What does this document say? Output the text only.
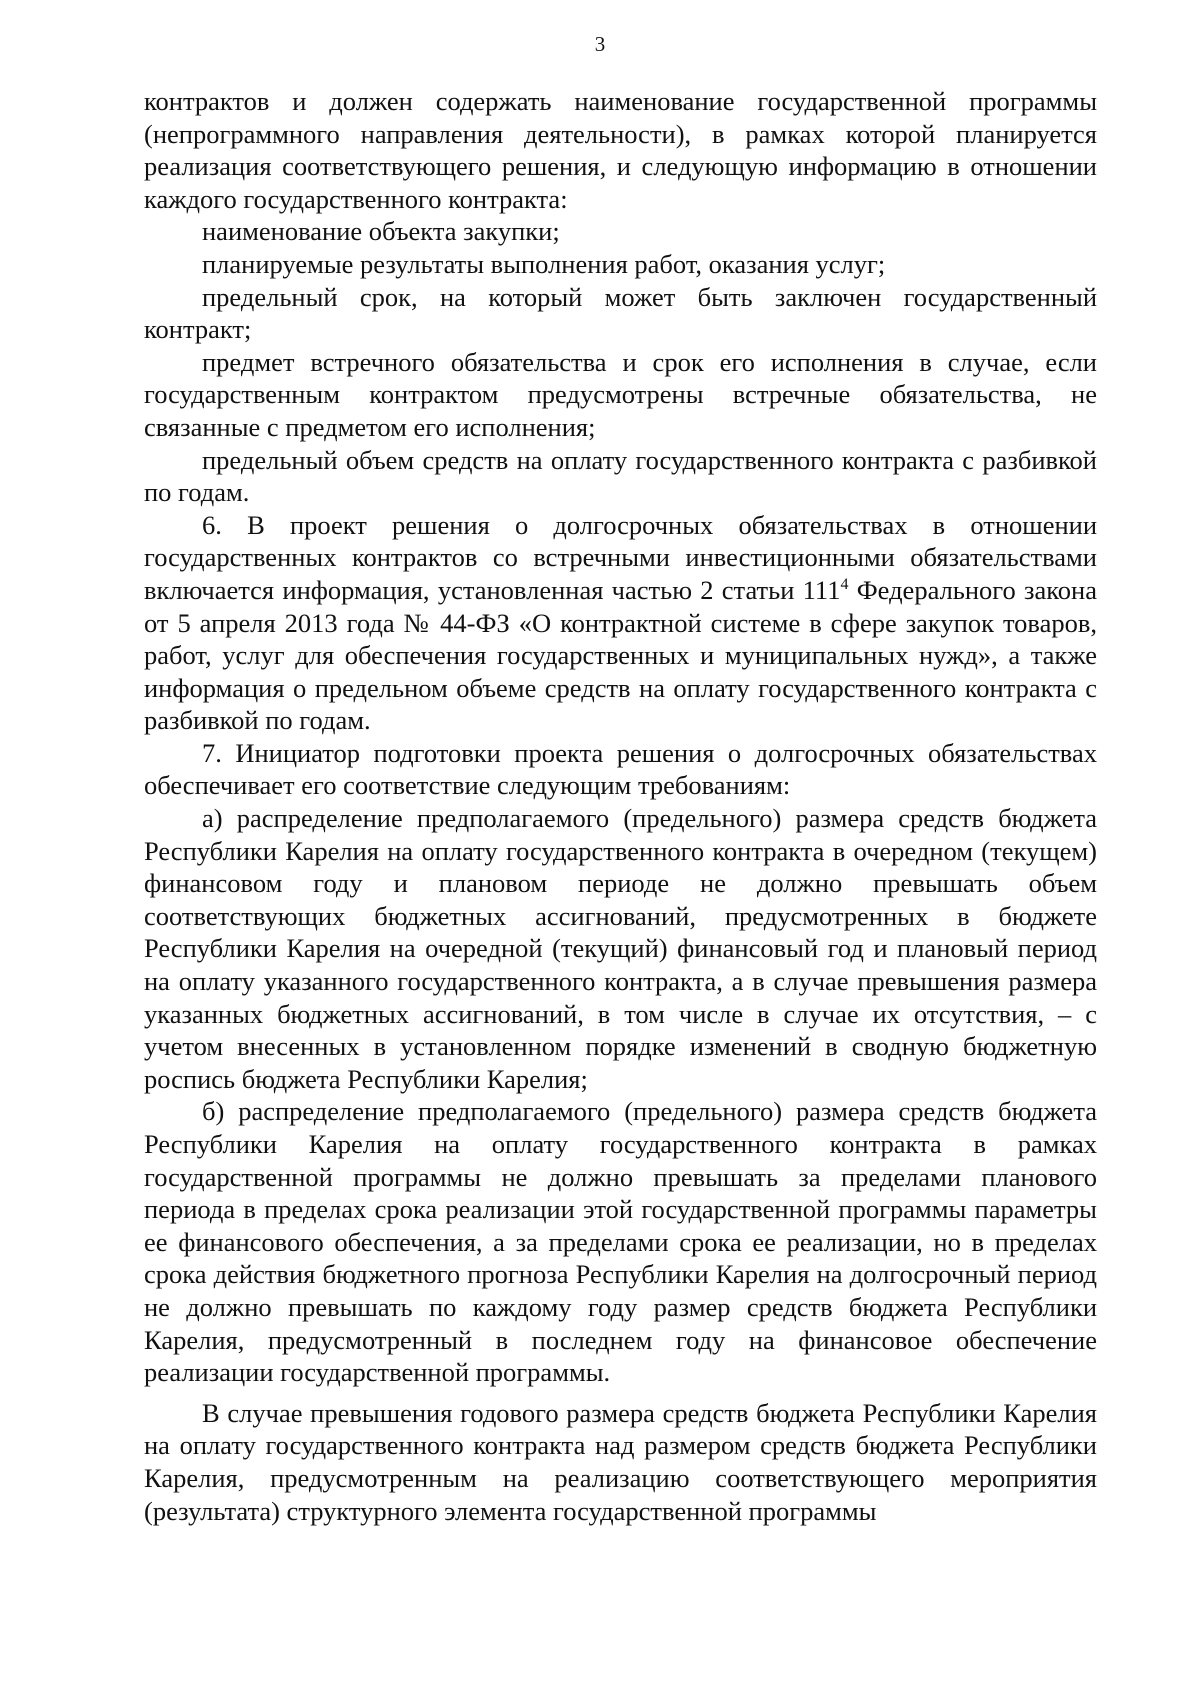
3

контрактов и должен содержать наименование государственной программы (непрограммного направления деятельности), в рамках которой планируется реализация соответствующего решения, и следующую информацию в отношении каждого государственного контракта:

наименование объекта закупки;

планируемые результаты выполнения работ, оказания услуг;

предельный срок, на который может быть заключен государственный контракт;

предмет встречного обязательства и срок его исполнения в случае, если государственным контрактом предусмотрены встречные обязательства, не связанные с предметом его исполнения;

предельный объем средств на оплату государственного контракта с разбивкой по годам.

6. В проект решения о долгосрочных обязательствах в отношении государственных контрактов со встречными инвестиционными обязательствами включается информация, установленная частью 2 статьи $111^4$ Федерального закона от 5 апреля 2013 года № 44-ФЗ «О контрактной системе в сфере закупок товаров, работ, услуг для обеспечения государственных и муниципальных нужд», а также информация о предельном объеме средств на оплату государственного контракта с разбивкой по годам.

7. Инициатор подготовки проекта решения о долгосрочных обязательствах обеспечивает его соответствие следующим требованиям:

а) распределение предполагаемого (предельного) размера средств бюджета Республики Карелия на оплату государственного контракта в очередном (текущем) финансовом году и плановом периоде не должно превышать объем соответствующих бюджетных ассигнований, предусмотренных в бюджете Республики Карелия на очередной (текущий) финансовый год и плановый период на оплату указанного государственного контракта, а в случае превышения размера указанных бюджетных ассигнований, в том числе в случае их отсутствия, – с учетом внесенных в установленном порядке изменений в сводную бюджетную роспись бюджета Республики Карелия;

б) распределение предполагаемого (предельного) размера средств бюджета Республики Карелия на оплату государственного контракта в рамках государственной программы не должно превышать за пределами планового периода в пределах срока реализации этой государственной программы параметры ее финансового обеспечения, а за пределами срока ее реализации, но в пределах срока действия бюджетного прогноза Республики Карелия на долгосрочный период не должно превышать по каждому году размер средств бюджета Республики Карелия, предусмотренный в последнем году на финансовое обеспечение реализации государственной программы.

В случае превышения годового размера средств бюджета Республики Карелия на оплату государственного контракта над размером средств бюджета Республики Карелия, предусмотренным на реализацию соответствующего мероприятия (результата) структурного элемента государственной программы
